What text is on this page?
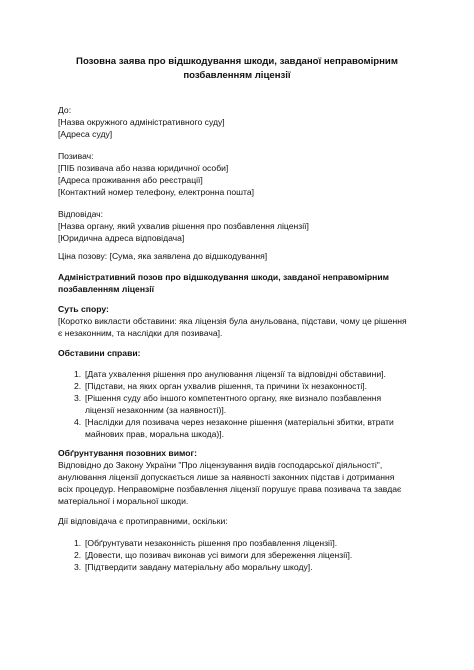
Позовна заява про відшкодування шкоди, завданої неправомірним
позбавленням ліцензії
До:
[Назва окружного адміністративного суду]
[Адреса суду]
Позивач:
[ПІБ позивача або назва юридичної особи]
[Адреса проживання або реєстрації]
[Контактний номер телефону, електронна пошта]
Відповідач:
[Назва органу, який ухвалив рішення про позбавлення ліцензії]
[Юридична адреса відповідача]
Ціна позову: [Сума, яка заявлена до відшкодування]
Адміністративний позов про відшкодування шкоди, завданої неправомірним
позбавленням ліцензії
Суть спору:
[Коротко викласти обставини: яка ліцензія була анульована, підстави, чому це рішення
є незаконним, та наслідки для позивача].
Обставини справи:
1. [Дата ухвалення рішення про анулювання ліцензії та відповідні обставини].
2. [Підстави, на яких орган ухвалив рішення, та причини їх незаконності].
3. [Рішення суду або іншого компетентного органу, яке визнало позбавлення
ліцензії незаконним (за наявності)].
4. [Наслідки для позивача через незаконне рішення (матеріальні збитки, втрати
майнових прав, моральна шкода)].
Обґрунтування позовних вимог:
Відповідно до Закону України "Про ліцензування видів господарської діяльності",
анулювання ліцензії допускається лише за наявності законних підстав і дотримання
всіх процедур. Неправомірне позбавлення ліцензії порушує права позивача та завдає
матеріальної і моральної шкоди.
Дії відповідача є протиправними, оскільки:
1. [Обґрунтувати незаконність рішення про позбавлення ліцензії].
2. [Довести, що позивач виконав усі вимоги для збереження ліцензії].
3. [Підтвердити завдану матеріальну або моральну шкоду].
